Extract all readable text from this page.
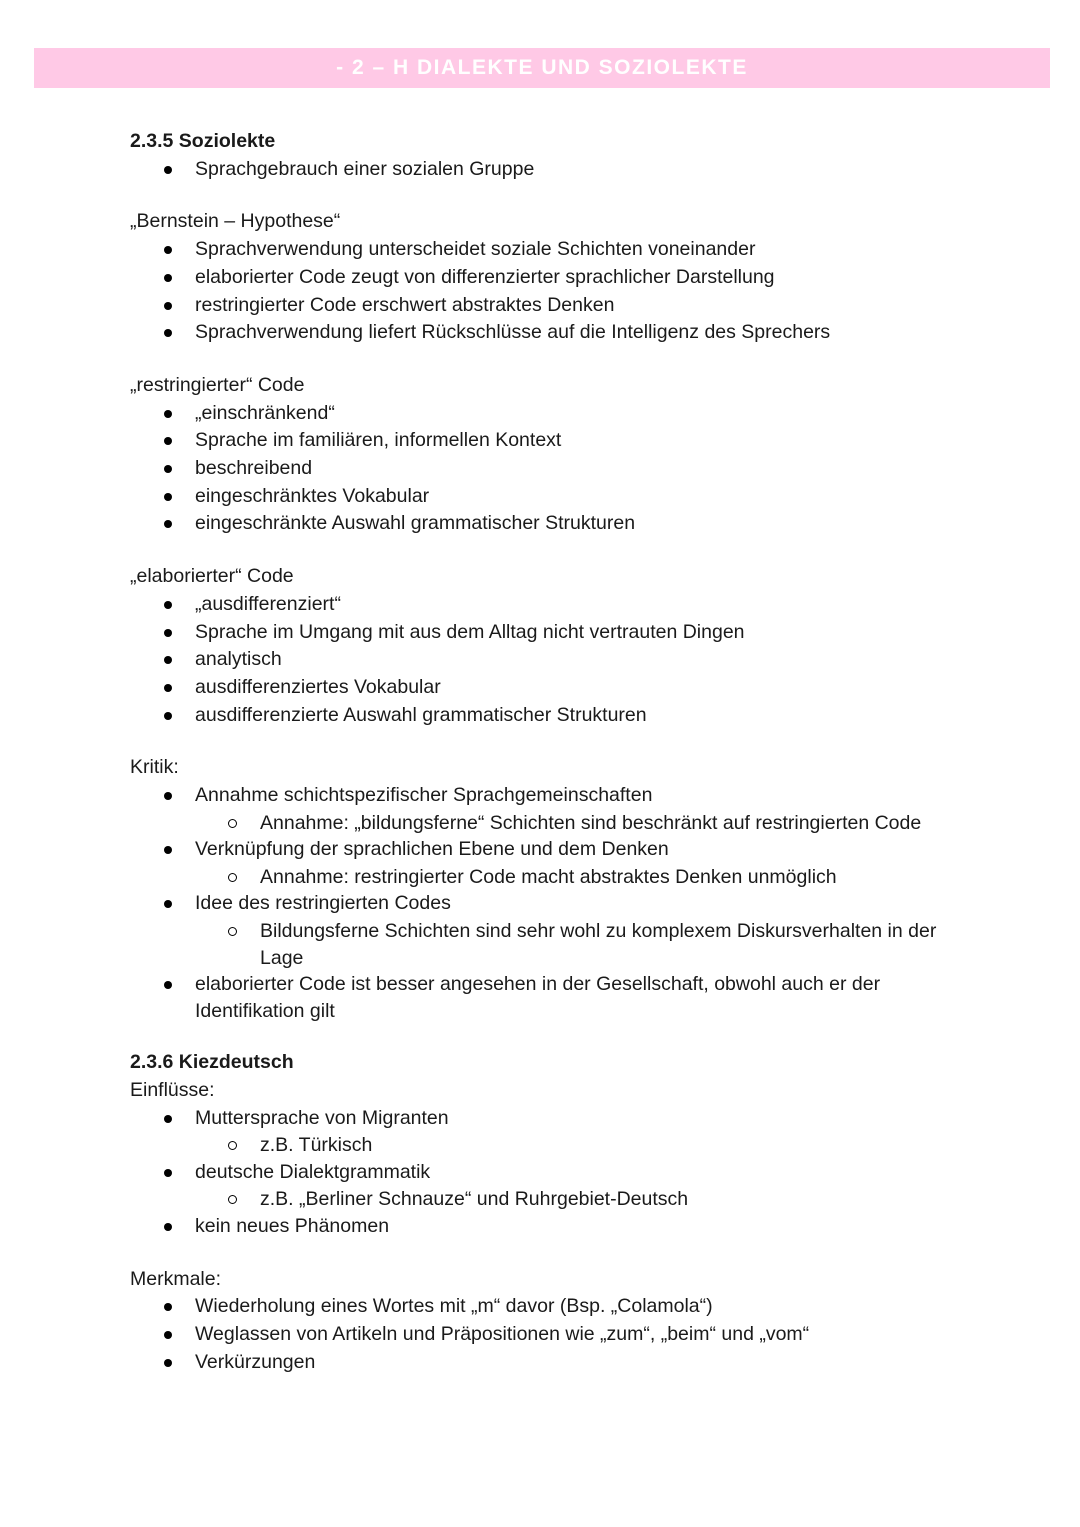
- 2 – H DIALEKTE UND SOZIOLEKTE
2.3.5 Soziolekte
Sprachgebrauch einer sozialen Gruppe
„Bernstein – Hypothese“
Sprachverwendung unterscheidet soziale Schichten voneinander
elaborierter Code zeugt von differenzierter sprachlicher Darstellung
restringierter Code erschwert abstraktes Denken
Sprachverwendung liefert Rückschlüsse auf die Intelligenz des Sprechers
„restringierter“ Code
„einschränkend“
Sprache im familiären, informellen Kontext
beschreibend
eingeschränktes Vokabular
eingeschränkte Auswahl grammatischer Strukturen
„elaborierter“ Code
„ausdifferenziert“
Sprache im Umgang mit aus dem Alltag nicht vertrauten Dingen
analytisch
ausdifferenziertes Vokabular
ausdifferenzierte Auswahl grammatischer Strukturen
Kritik:
Annahme schichtspezifischer Sprachgemeinschaften
Annahme: „bildungsferne“ Schichten sind beschränkt auf restringierten Code
Verknüpfung der sprachlichen Ebene und dem Denken
Annahme: restringierter Code macht abstraktes Denken unmöglich
Idee des restringierten Codes
Bildungsferne Schichten sind sehr wohl zu komplexem Diskursverhalten in der Lage
elaborierter Code ist besser angesehen in der Gesellschaft, obwohl auch er der Identifikation gilt
2.3.6 Kiezdeutsch
Einflüsse:
Muttersprache von Migranten
z.B. Türkisch
deutsche Dialektgrammatik
z.B. „Berliner Schnauze“ und Ruhrgebiet-Deutsch
kein neues Phänomen
Merkmale:
Wiederholung eines Wortes mit „m“ davor (Bsp. „Colamola“)
Weglassen von Artikeln und Präpositionen wie „zum“, „beim“ und „vom“
Verkürzungen
